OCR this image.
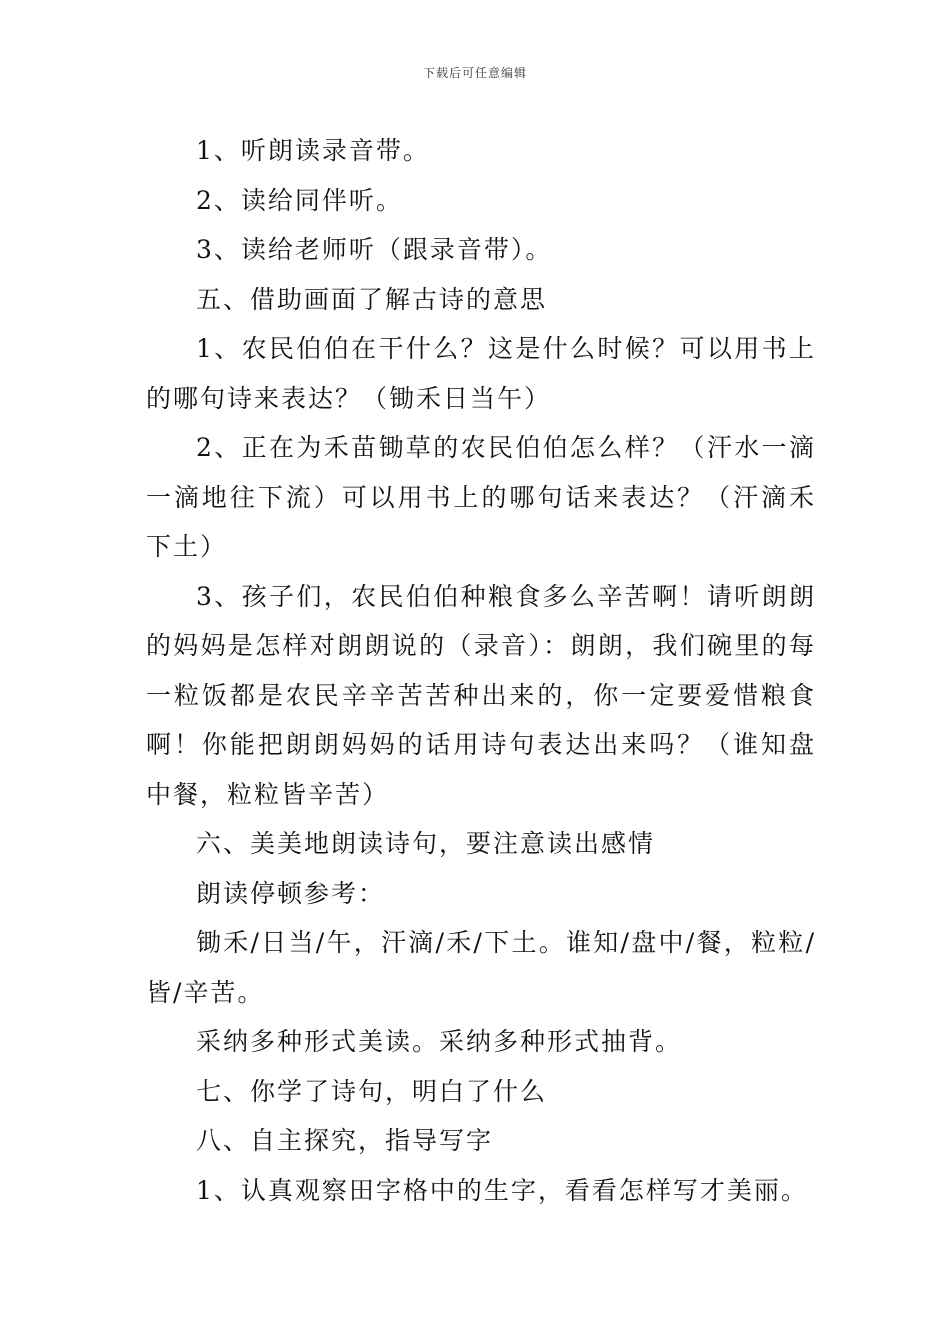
下载后可任意编辑

1、听朗读录音带。

2、读给同伴听。

3、读给老师听（跟录音带）。

五、借助画面了解古诗的意思

1、农民伯伯在干什么？这是什么时候？可以用书上的哪句诗来表达？（锄禾日当午）

2、正在为禾苗锄草的农民伯伯怎么样？（汗水一滴一滴地往下流）可以用书上的哪句话来表达？（汗滴禾下土）

3、孩子们，农民伯伯种粮食多么辛苦啊！请听朗朗的妈妈是怎样对朗朗说的（录音）：朗朗，我们碗里的每一粒饭都是农民辛辛苦苦种出来的，你一定要爱惜粮食啊！你能把朗朗妈妈的话用诗句表达出来吗？（谁知盘中餐，粒粒皆辛苦）

六、美美地朗读诗句，要注意读出感情

朗读停顿参考：

锄禾/日当/午，汗滴/禾/下土。谁知/盘中/餐，粒粒/皆/辛苦。

采纳多种形式美读。采纳多种形式抽背。

七、你学了诗句，明白了什么

八、自主探究，指导写字

1、认真观察田字格中的生字，看看怎样写才美丽。
